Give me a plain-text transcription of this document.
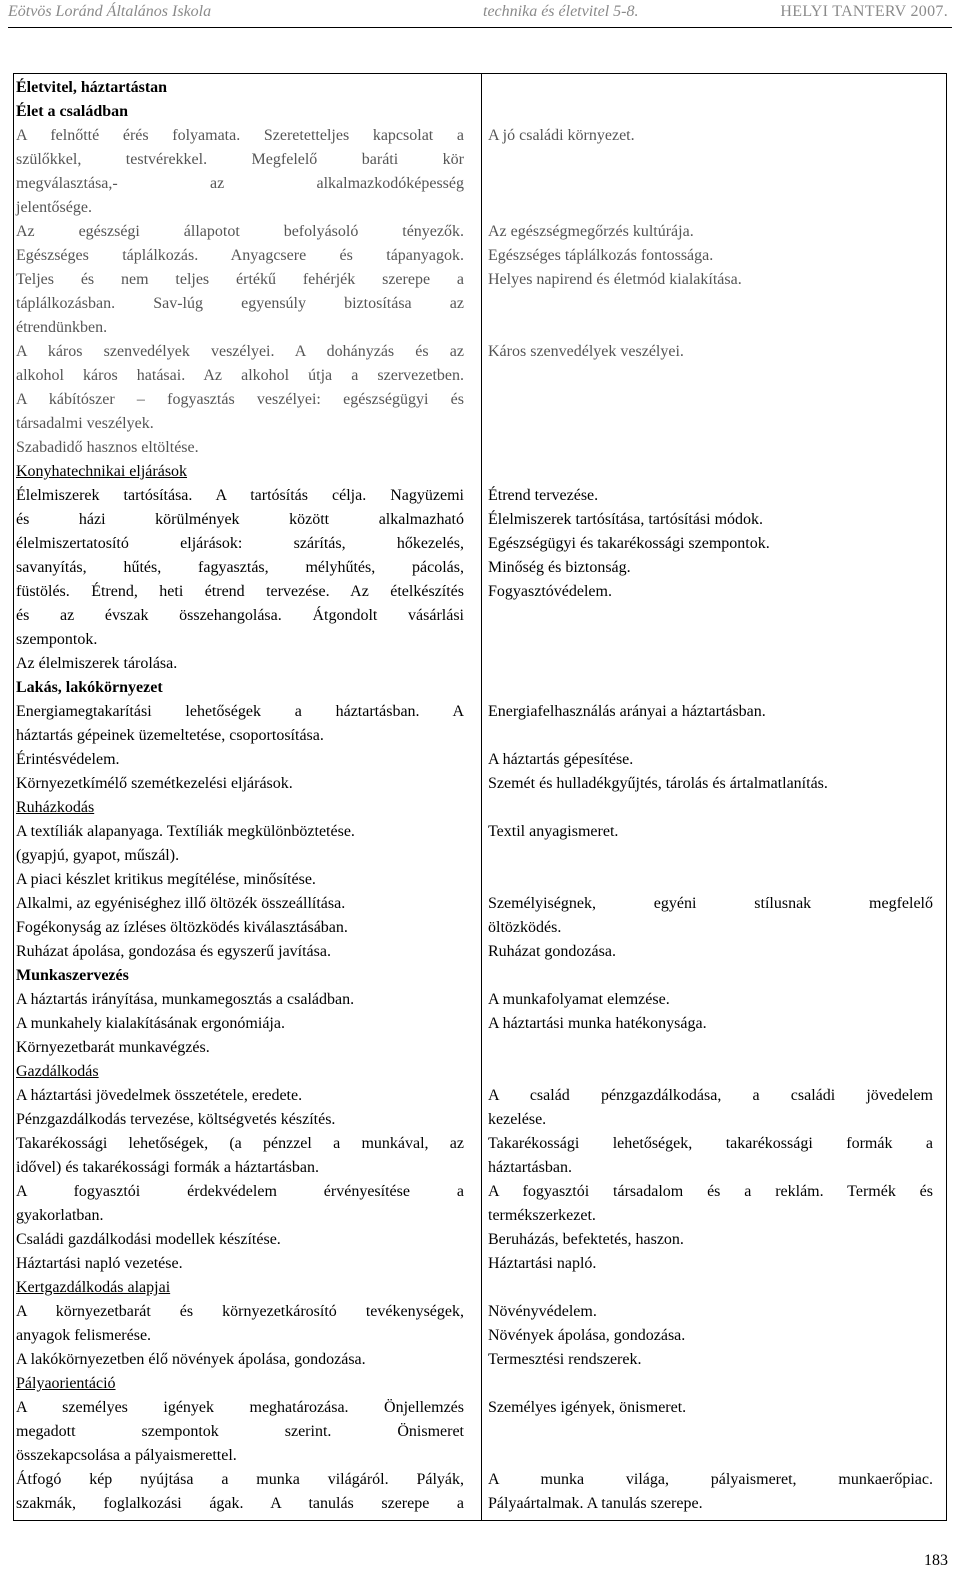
Eötvös Loránd Általános Iskola	technika és életvitel 5-8.	HELYI TANTERV 2007.
Életvitel, háztartástan
Élet a családban
A felnőtté érés folyamata. Szeretetteljes kapcsolat a
szülőkkel, testvérekkel. Megfelelő baráti kör
megválasztása,- az alkalmazkodóképesség
jelentősége.
Az egészségi állapotot befolyásoló tényezők.
Egészséges táplálkozás. Anyagcsere és tápanyagok.
Teljes és nem teljes értékű fehérjék szerepe a
táplálkozásban. Sav-lúg egyensúly biztosítása az
étrendünkben.
A káros szenvedélyek veszélyei. A dohányzás és az
alkohol káros hatásai. Az alkohol útja a szervezetben.
A kábítószer – fogyasztás veszélyei: egészségügyi és
társadalmi veszélyek.
Szabadidő hasznos eltöltése.
Konyhatechnikai eljárások
Élelmiszerek tartósítása. A tartósítás célja. Nagyüzemi
és házi körülmények között alkalmazható
élelmiszertatosító eljárások: szárítás, hőkezelés,
savanyítás, hűtés, fagyasztás, mélyhűtés, pácolás,
füstölés. Étrend, heti étrend tervezése. Az ételkészítés
és az évszak összehangolása. Átgondolt vásárlási
szempontok.
Az élelmiszerek tárolása.
Lakás, lakókörnyezet
Energiamegtakarítási lehetőségek a háztartásban. A
háztartás gépeinek üzemeltetése, csoportosítása.
Érintésvédelem.
Környezetkímélő szemétkezelési eljárások.
Ruházkodás
A textíliák alapanyaga. Textíliák megkülönböztetése.
(gyapjú, gyapot, műszál).
A piaci készlet kritikus megítélése, minősítése.
Alkalmi, az egyéniséghez illő öltözék összeállítása.
Fogékonyság az ízléses öltözködés kiválasztásában.
Ruházat ápolása, gondozása és egyszerű javítása.
Munkaszervezés
A háztartás irányítása, munkamegosztás a családban.
A munkahely kialakításának ergonómiája.
Környezetbarát munkavégzés.
Gazdálkodás
A háztartási jövedelmek összetétele, eredete.
Pénzgazdálkodás tervezése, költségvetés készítés.
Takarékossági lehetőségek, (a pénzzel a munkával, az
idővel) és takarékossági formák a háztartásban.
A fogyasztói érdekvédelem érvényesítése a
gyakorlatban.
Családi gazdálkodási modellek készítése.
Háztartási napló vezetése.
Kertgazdálkodás alapjai
A környezetbarát és környezetkárosító tevékenységek,
anyagok felismerése.
A lakókörnyezetben élő növények ápolása, gondozása.
Pályaorientáció
A személyes igények meghatározása. Önjellemzés
megadott szempontok szerint. Önismeret
összekapcsolása a pályaismerettel.
Átfogó kép nyújtása a munka világáról. Pályák,
szakmák, foglalkozási ágak. A tanulás szerepe a
A jó családi környezet.
Az egészségmegőrzés kultúrája.
Egészséges táplálkozás fontossága.
Helyes napirend és életmód kialakítása.
Káros szenvedélyek veszélyei.
Étrend tervezése.
Élelmiszerek tartósítása, tartósítási módok.
Egészségügyi és takarékossági szempontok.
Minőség és biztonság.
Fogyasztóvédelem.
Energiafelhasználás arányai a háztartásban.
A háztartás gépesítése.
Szemét és hulladékgyűjtés, tárolás és ártalmatlanítás.
Textil anyagismeret.
Személyiségnek, egyéni stílusnak megfelelő
öltözködés.
Ruházat gondozása.
A munkafolyamat elemzése.
A háztartási munka hatékonysága.
A család pénzgazdálkodása, a családi jövedelem
kezelése.
Takarékossági lehetőségek, takarékossági formák a
háztartásban.
A fogyasztói társadalom és a reklám. Termék és
termékszerkezet.
Beruházás, befektetés, haszon.
Háztartási napló.
Növényvédelem.
Növények ápolása, gondozása.
Termesztési rendszerek.
Személyes igények, önismeret.
A munka világa, pályaismeret, munkaerőpiac.
Pályaártalmak. A tanulás szerepe.
183
